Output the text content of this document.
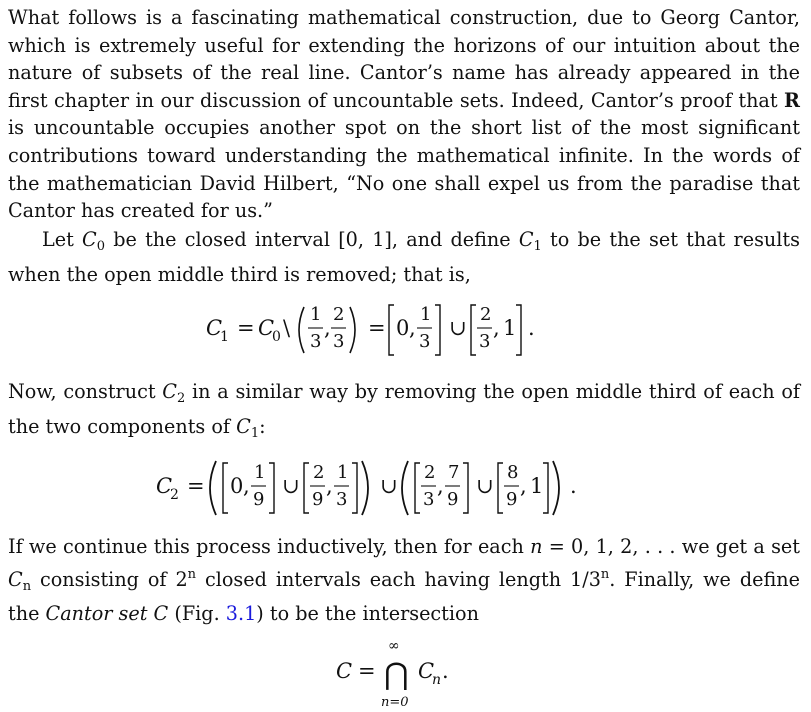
What follows is a fascinating mathematical construction, due to Georg Cantor, which is extremely useful for extending the horizons of our intuition about the nature of subsets of the real line. Cantor’s name has already appeared in the first chapter in our discussion of uncountable sets. Indeed, Cantor’s proof that R is uncountable occupies another spot on the short list of the most significant contributions toward understanding the mathematical infinite. In the words of the mathematician David Hilbert, “No one shall expel us from the paradise that Cantor has created for us.”

Let $C_0$ be the closed interval [0, 1], and define $C_1$ to be the set that results when the open middle third is removed; that is,

C
1 = C
0 \
1
3
,
2
3
= 0 ,
1
3
∪
2
3
, 1 .

Now, construct $C_2$ in a similar way by removing the open middle third of each of the two components of $C_1$:

C
2 = 0 ,
1
9
∪
2
9
,
1
3
∪
2
3
,
7
9
∪
8
9
, 1 .

If we continue this process inductively, then for each n = 0, 1, 2, . . . we get a set $C_n$ consisting of 2$^n$ closed intervals each having length 1/3$^n$. Finally, we define the Cantor set C (Fig. 3.1) to be the intersection

C =
∞
⋂
n=0
C
n .
